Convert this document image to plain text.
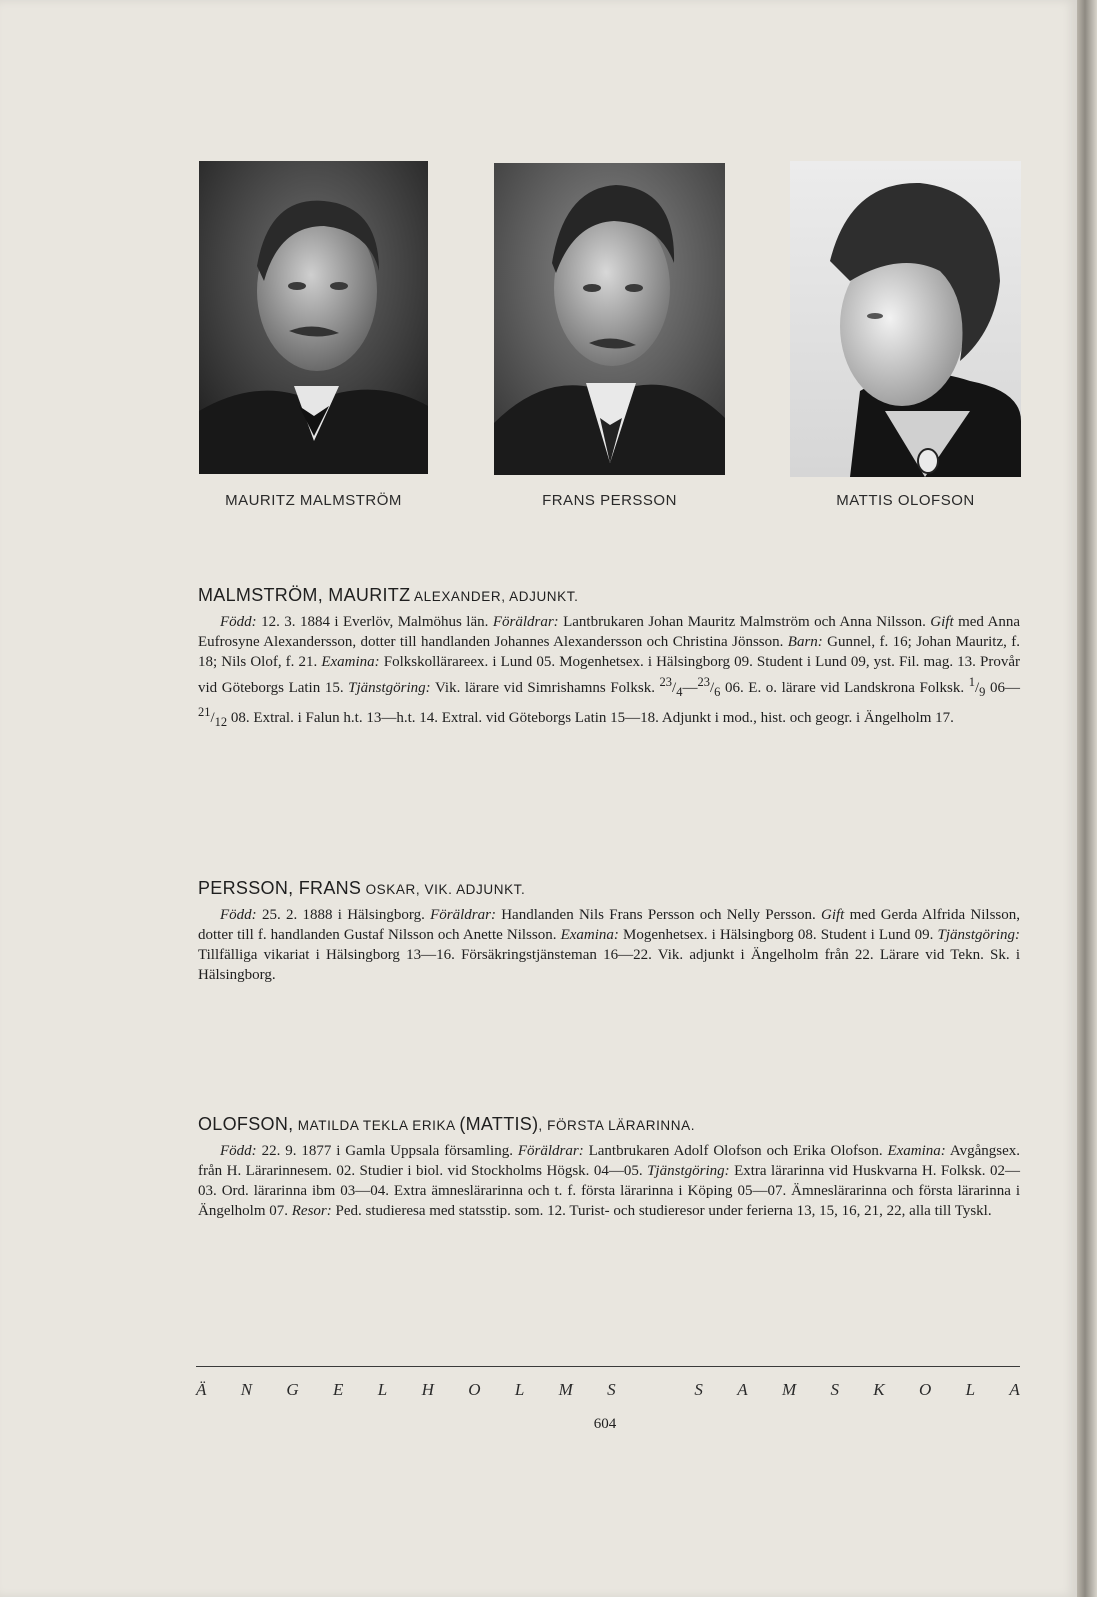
MAURITZ MALMSTRÖM	FRANS PERSSON	MATTIS OLOFSON
MALMSTRÖM, MAURITZ ALEXANDER, ADJUNKT.

Född: 12. 3. 1884 i Everlöv, Malmöhus län. Föräldrar: Lantbrukaren Johan Mauritz Malmström och Anna Nilsson. Gift med Anna Eufrosyne Alexandersson, dotter till handlanden Johannes Alexandersson och Christina Jönsson. Barn: Gunnel, f. 16; Johan Mauritz, f. 18; Nils Olof, f. 21. Examina: Folkskollärareex. i Lund 05. Mogenhetsex. i Hälsingborg 09. Student i Lund 09, yst. Fil. mag. 13. Provår vid Göteborgs Latin 15. Tjänstgöring: Vik. lärare vid Simrishamns Folksk. $^{23}/_4—^{23}/_6$ 06. E. o. lärare vid Landskrona Folksk. $^1/_9$ $06—^{21}/_{12}$ 08. Extral. i Falun h.t. 13—h.t. 14. Extral. vid Göteborgs Latin 15—18. Adjunkt i mod., hist. och geogr. i Ängelholm 17.

PERSSON, FRANS OSKAR, VIK. ADJUNKT.

Född: 25. 2. 1888 i Hälsingborg. Föräldrar: Handlanden Nils Frans Persson och Nelly Persson. Gift med Gerda Alfrida Nilsson, dotter till f. handlanden Gustaf Nilsson och Anette Nilsson. Examina: Mogenhetsex. i Hälsingborg 08. Student i Lund 09. Tjänstgöring: Tillfälliga vikariat i Hälsingborg 13—16. Försäkringstjänsteman 16—22. Vik. adjunkt i Ängelholm från 22. Lärare vid Tekn. Sk. i Hälsingborg.

OLOFSON, MATILDA TEKLA ERIKA (MATTIS), FÖRSTA LÄRARINNA.

Född: 22. 9. 1877 i Gamla Uppsala församling. Föräldrar: Lantbrukaren Adolf Olofson och Erika Olofson. Examina: Avgångsex. från H. Lärarinnesem. 02. Studier i biol. vid Stockholms Högsk. 04—05. Tjänstgöring: Extra lärarinna vid Huskvarna H. Folksk. 02—03. Ord. lärarinna ibm 03—04. Extra ämneslärarinna och t. f. första lärarinna i Köping 05—07. Ämneslärarinna och första lärarinna i Ängelholm 07. Resor: Ped. studieresa med statsstip. som. 12. Turist- och studieresor under ferierna 13, 15, 16, 21, 22, alla till Tyskl.

Ä N G E L H O L M S	S A M S K O L A
604
